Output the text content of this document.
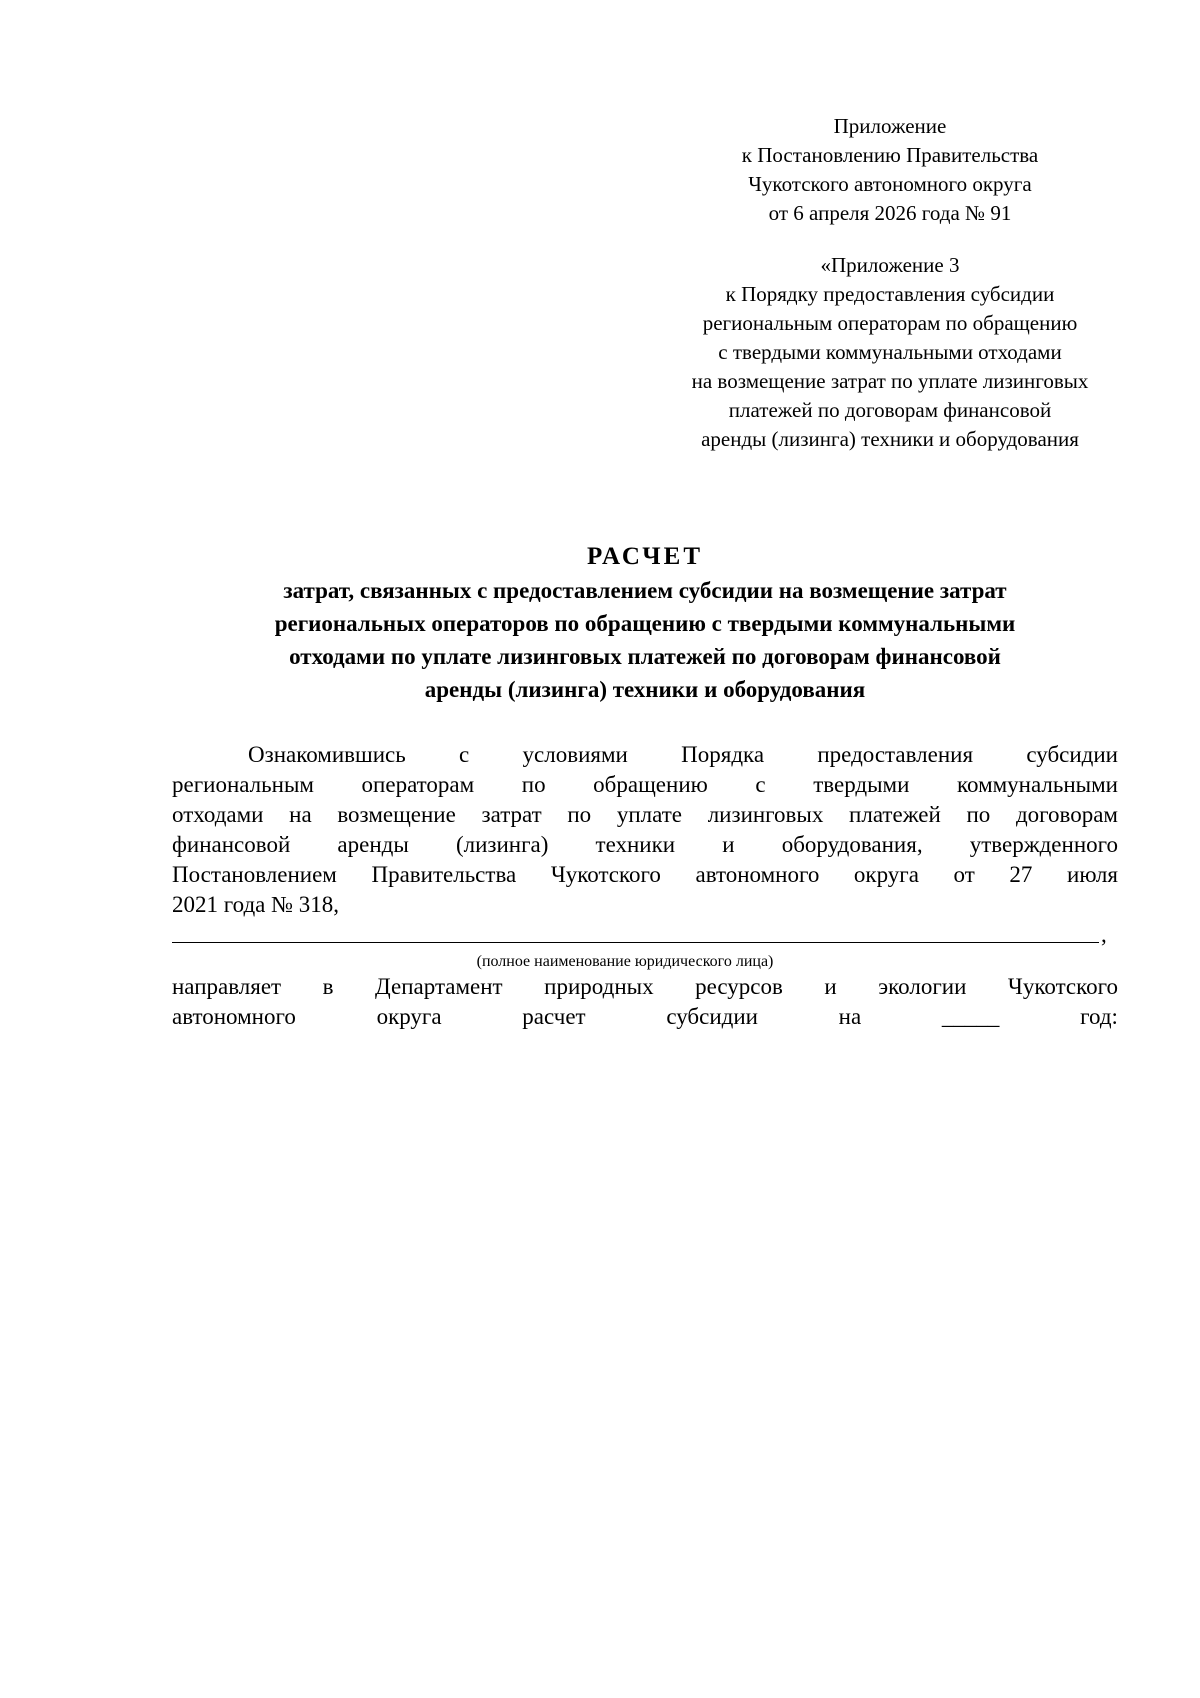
Приложение
к Постановлению Правительства
Чукотского автономного округа
от 6 апреля 2026 года № 91
«Приложение 3
к Порядку предоставления субсидии
региональным операторам по обращению
с твердыми коммунальными отходами
на возмещение затрат по уплате лизинговых
платежей по договорам финансовой
аренды (лизинга) техники и оборудования
РАСЧЕТ
затрат, связанных с предоставлением субсидии на возмещение затрат
региональных операторов по обращению с твердыми коммунальными
отходами по уплате лизинговых платежей по договорам финансовой
аренды (лизинга) техники и оборудования
Ознакомившись с условиями Порядка предоставления субсидии
региональным операторам по обращению с твердыми коммунальными
отходами на возмещение затрат по уплате лизинговых платежей по договорам
финансовой аренды (лизинга) техники и оборудования, утвержденного
Постановлением Правительства Чукотского автономного округа от 27 июля
2021 года № 318,
,
(полное наименование юридического лица)
направляет в Департамент природных ресурсов и экологии Чукотского
автономного	округа	расчет	субсидии	на	_____	год:
